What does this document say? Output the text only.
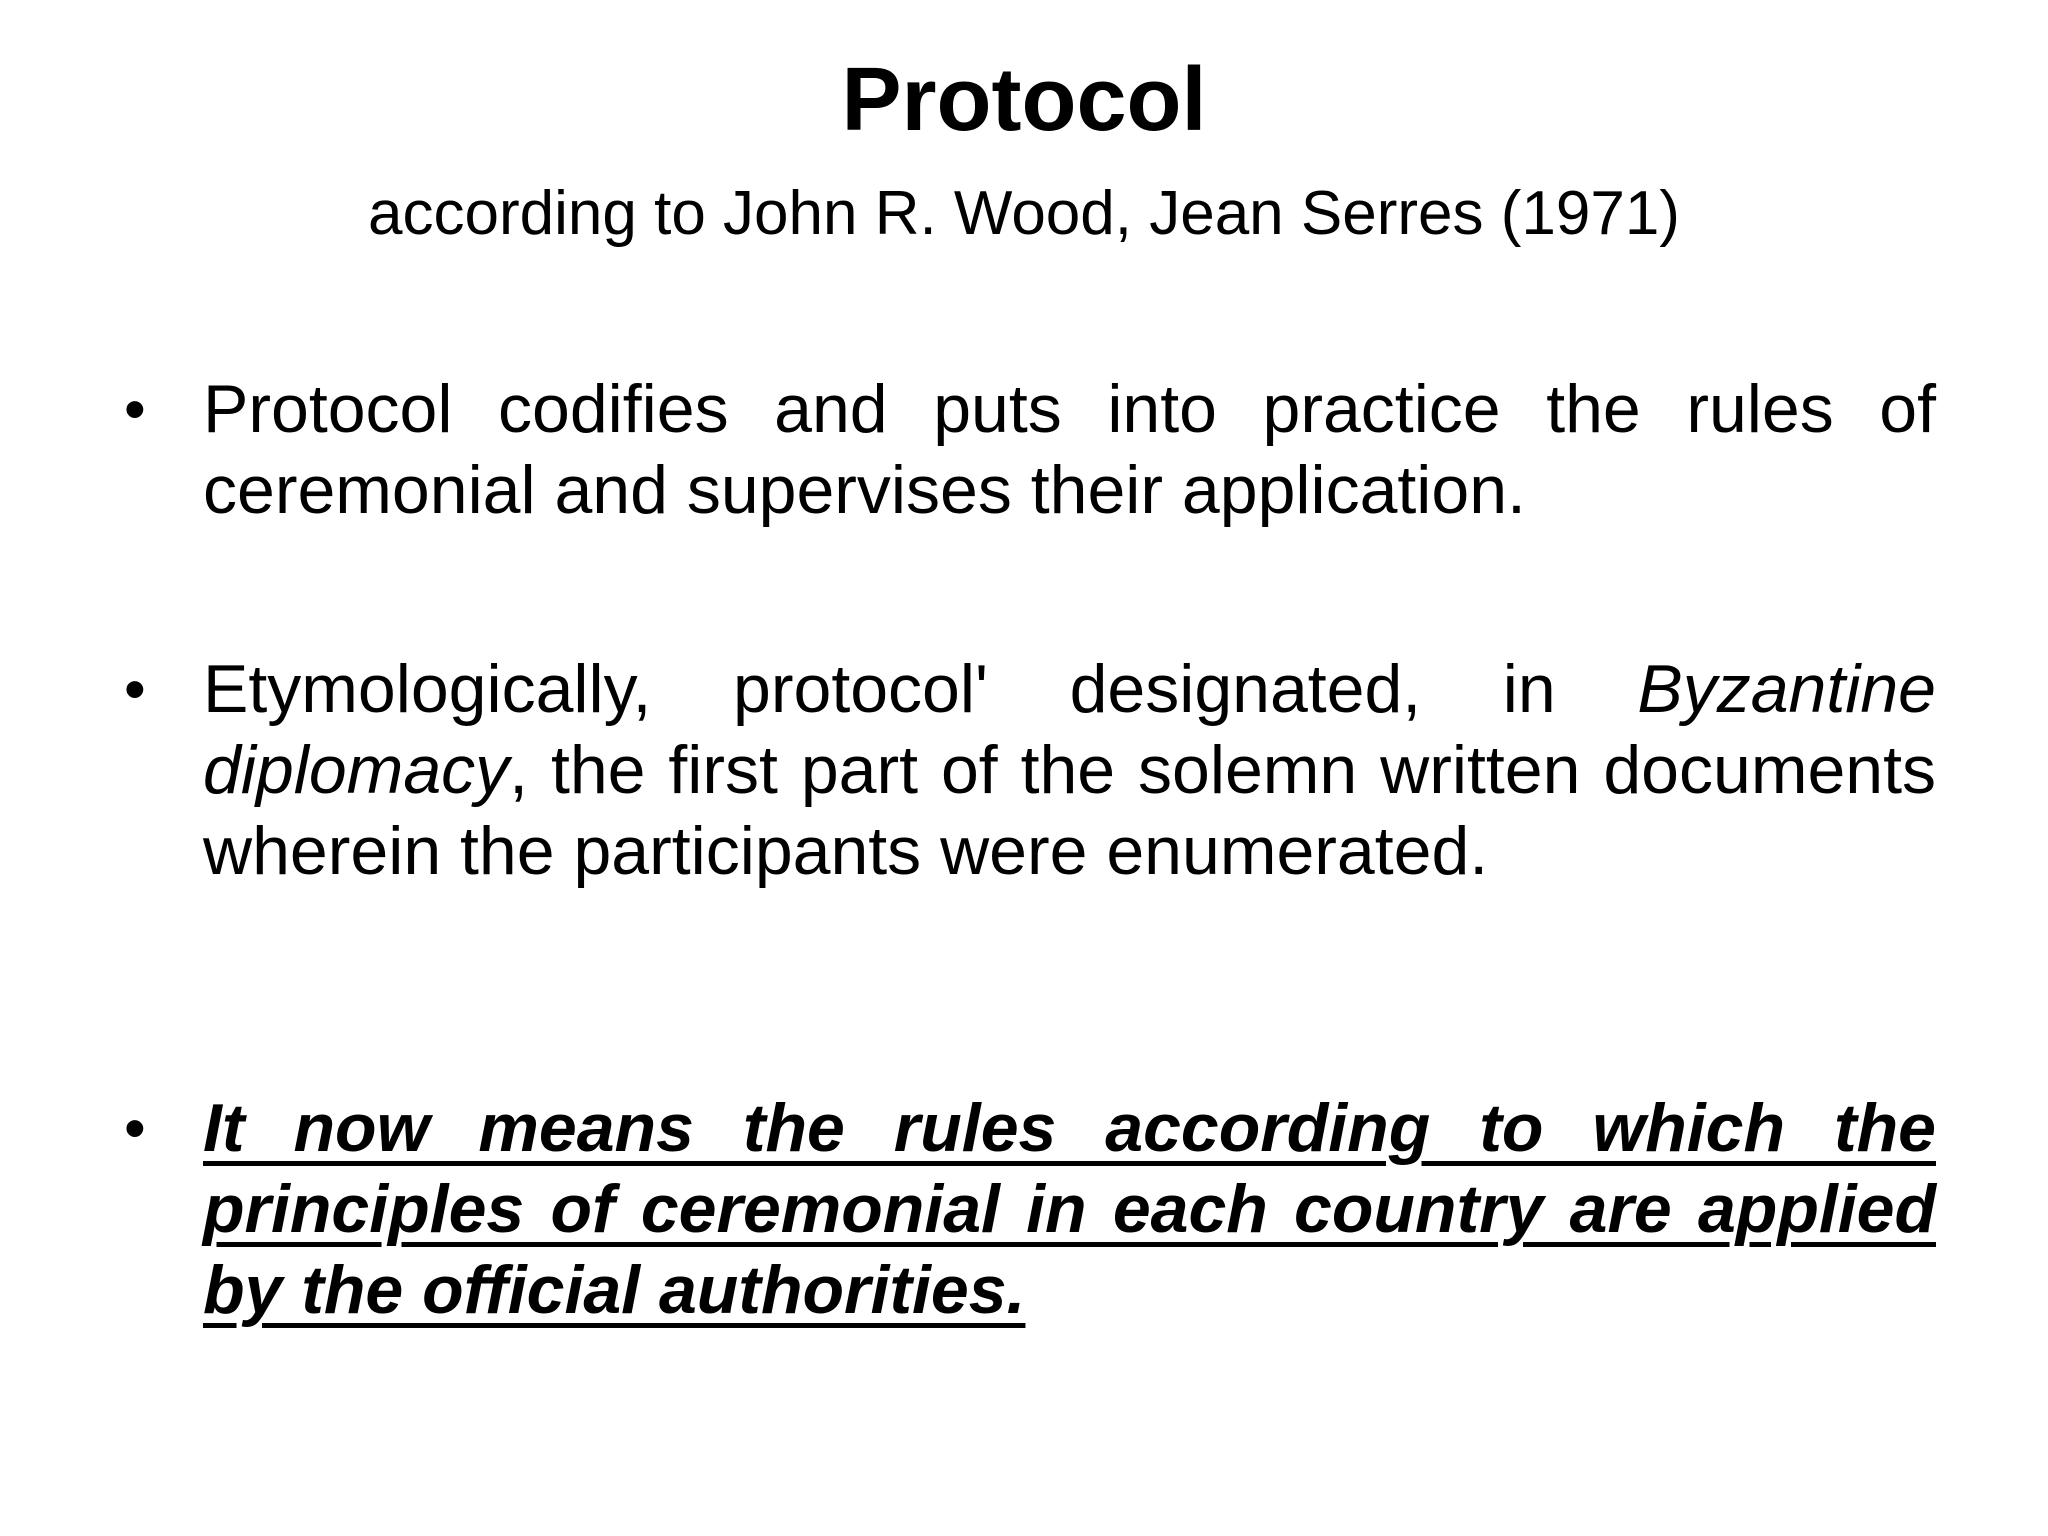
Protocol

according to John R. Wood, Jean Serres (1971)

• Protocol codifies and puts into practice the rules of ceremonial and supervises their application.
• Etymologically, protocol' designated, in Byzantine diplomacy, the first part of the solemn written documents wherein the participants were enumerated.
• It now means the rules according to which the principles of ceremonial in each country are applied by the official authorities.
